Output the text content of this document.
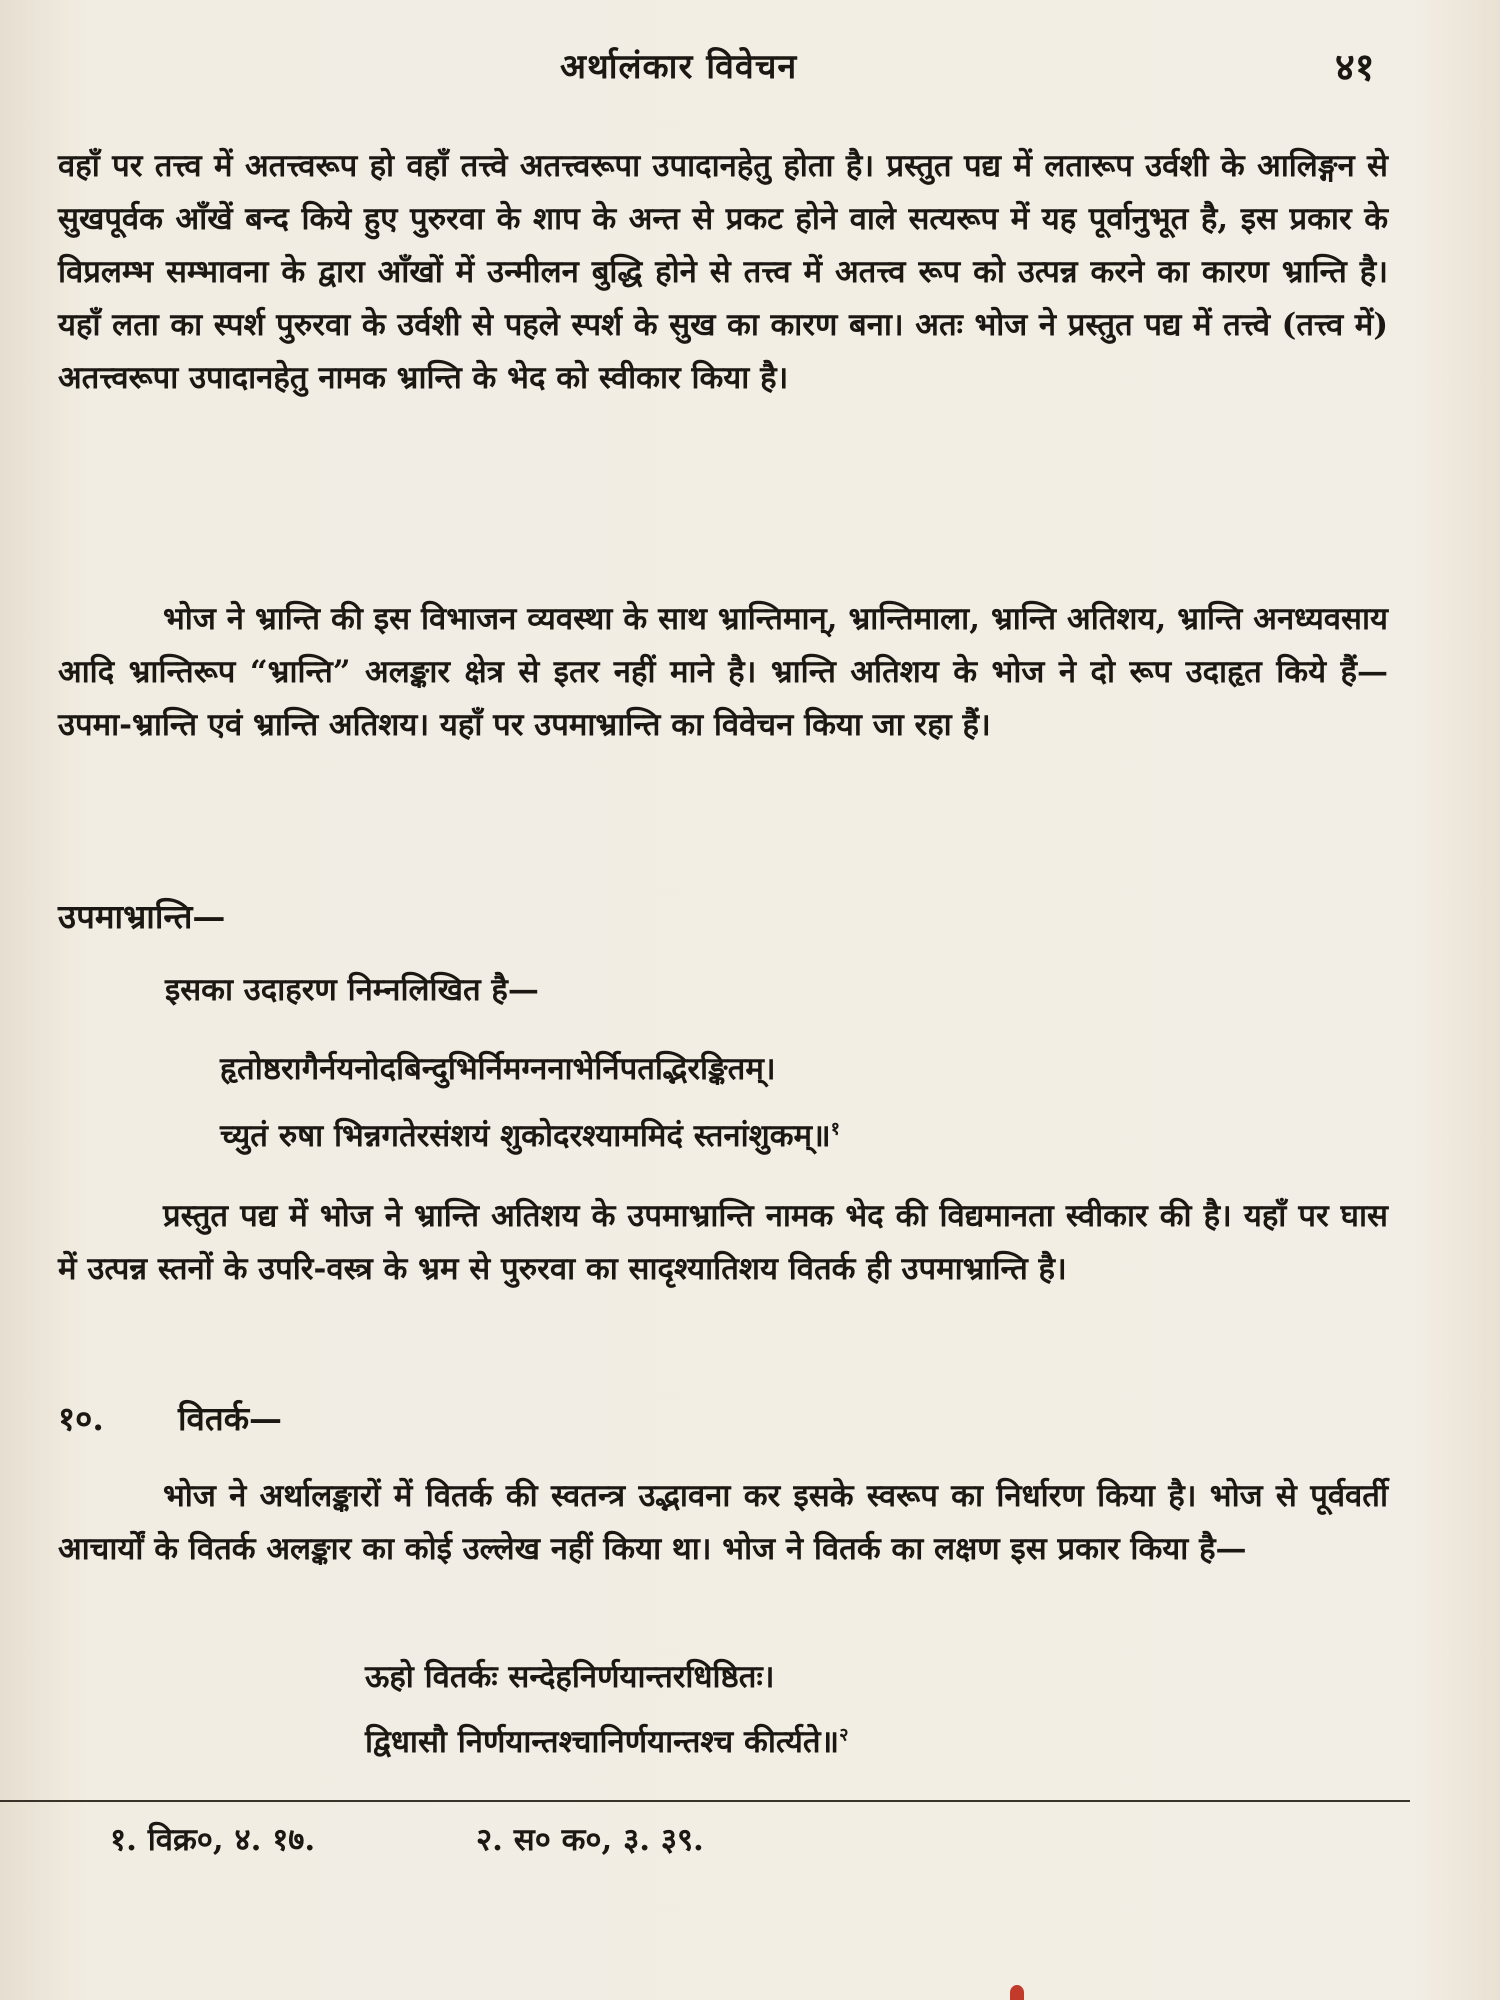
अर्थालंकार विवेचन	४१

वहाँ पर तत्त्व में अतत्त्वरूप हो वहाँ तत्त्वे अतत्त्वरूपा उपादानहेतु होता है। प्रस्तुत पद्य में लतारूप उर्वशी के आलिङ्गन से सुखपूर्वक आँखें बन्द किये हुए पुरुरवा के शाप के अन्त से प्रकट होने वाले सत्यरूप में यह पूर्वानुभूत है, इस प्रकार के विप्रलम्भ सम्भावना के द्वारा आँखों में उन्मीलन बुद्धि होने से तत्त्व में अतत्त्व रूप को उत्पन्न करने का कारण भ्रान्ति है। यहाँ लता का स्पर्श पुरुरवा के उर्वशी से पहले स्पर्श के सुख का कारण बना। अतः भोज ने प्रस्तुत पद्य में तत्त्वे (तत्त्व में) अतत्त्वरूपा उपादानहेतु नामक भ्रान्ति के भेद को स्वीकार किया है।

भोज ने भ्रान्ति की इस विभाजन व्यवस्था के साथ भ्रान्तिमान्, भ्रान्तिमाला, भ्रान्ति अतिशय, भ्रान्ति अनध्यवसाय आदि भ्रान्तिरूप “भ्रान्ति” अलङ्कार क्षेत्र से इतर नहीं माने है। भ्रान्ति अतिशय के भोज ने दो रूप उदाहृत किये हैं— उपमा-भ्रान्ति एवं भ्रान्ति अतिशय। यहाँ पर उपमाभ्रान्ति का विवेचन किया जा रहा हैं।

उपमाभ्रान्ति—

इसका उदाहरण निम्नलिखित है—

हृतोष्ठरागैर्नयनोदबिन्दुभिर्निमग्ननाभेर्निपतद्भिरङ्कितम्।

च्युतं रुषा भिन्नगतेरसंशयं शुकोदरश्याममिदं स्तनांशुकम्॥$^१$

प्रस्तुत पद्य में भोज ने भ्रान्ति अतिशय के उपमाभ्रान्ति नामक भेद की विद्यमानता स्वीकार की है। यहाँ पर घास में उत्पन्न स्तनों के उपरि-वस्त्र के भ्रम से पुरुरवा का सादृश्यातिशय वितर्क ही उपमाभ्रान्ति है।

१०. वितर्क—

भोज ने अर्थालङ्कारों में वितर्क की स्वतन्त्र उद्भावना कर इसके स्वरूप का निर्धारण किया है। भोज से पूर्ववर्ती आचार्यों के वितर्क अलङ्कार का कोई उल्लेख नहीं किया था। भोज ने वितर्क का लक्षण इस प्रकार किया है—

ऊहो वितर्कः सन्देहनिर्णयान्तरधिष्ठितः।

द्विधासौ निर्णयान्तश्चानिर्णयान्तश्च कीर्त्यते॥$^२$

१. विक्र०, ४. १७.	२. स० क०, ३. ३९.
